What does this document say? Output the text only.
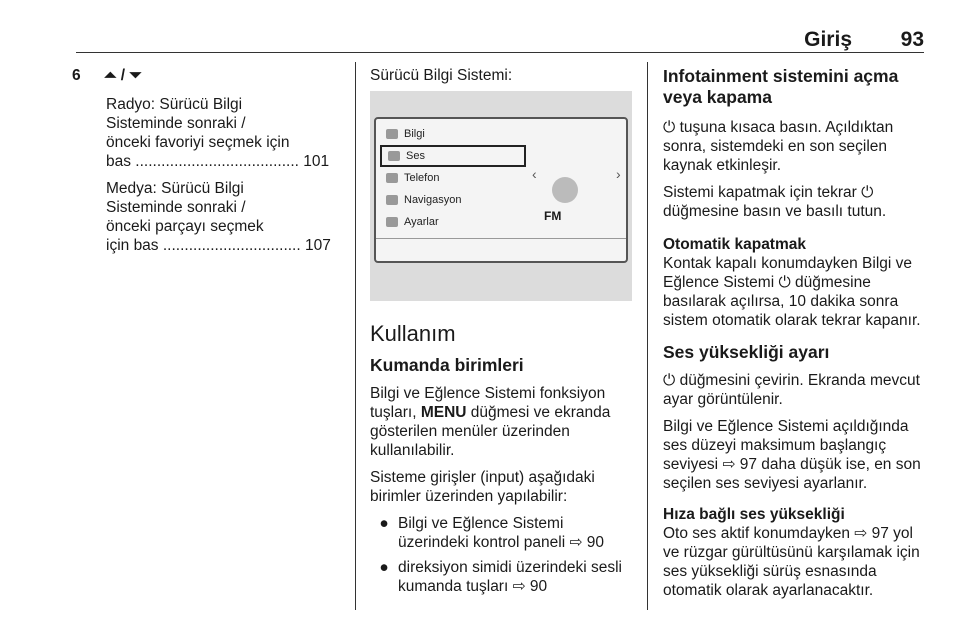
Giriş 93
6	⏶ / ⏷

Radyo: Sürücü Bilgi
Sisteminde sonraki /
önceki favoriyi seçmek için
bas ...................................... 101

Medya: Sürücü Bilgi
Sisteminde sonraki /
önceki parçayı seçmek
için bas ................................ 107

Sürücü Bilgi Sistemi:

Bilgi
Ses
Telefon
Navigasyon
Ayarlar
‹	›
FM
Kullanım
Kumanda birimleri

Bilgi ve Eğlence Sistemi fonksiyon tuşları, MENU düğmesi ve ekranda gösterilen menüler üzerinden kullanılabilir.

Sisteme girişler (input) aşağıdaki birimler üzerinden yapılabilir:

● Bilgi ve Eğlence Sistemi üzerindeki kontrol paneli ⇨ 90
● direksiyon simidi üzerindeki sesli kumanda tuşları ⇨ 90
Infotainment sistemini açma veya kapama

⏻ tuşuna kısaca basın. Açıldıktan sonra, sistemdeki en son seçilen kaynak etkinleşir.

Sistemi kapatmak için tekrar ⏻
düğmesine basın ve basılı tutun.

Otomatik kapatmak

Kontak kapalı konumdayken Bilgi ve Eğlence Sistemi ⏻ düğmesine basılarak açılırsa, 10 dakika sonra sistem otomatik olarak tekrar kapanır.

Ses yüksekliği ayarı

⏻ düğmesini çevirin. Ekranda mevcut ayar görüntülenir.

Bilgi ve Eğlence Sistemi açıldığında ses düzeyi maksimum başlangıç seviyesi ⇨ 97 daha düşük ise, en son seçilen ses seviyesi ayarlanır.

Hıza bağlı ses yüksekliği

Oto ses aktif konumdayken ⇨ 97 yol ve rüzgar gürültüsünü karşılamak için ses yüksekliği sürüş esnasında otomatik olarak ayarlanacaktır.
